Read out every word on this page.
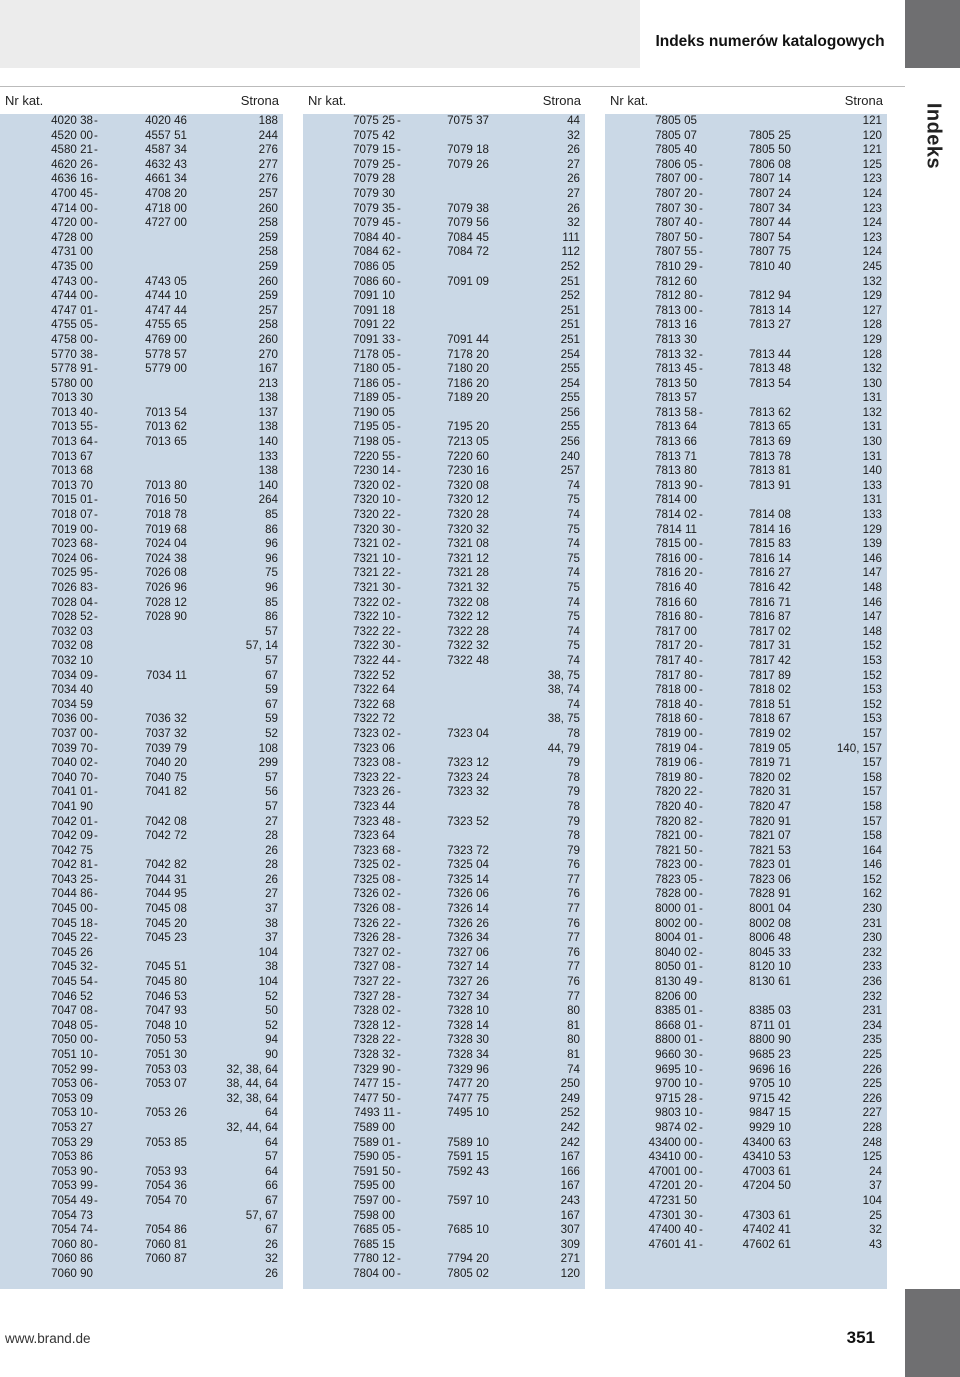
Indeks numerów katalogowych
Indeks
Nr kat.	Strona
4020 38 -	4020 46	188
4520 00 -	4557 51	244
4580 21 -	4587 34	276
4620 26 -	4632 43	277
4636 16 -	4661 34	276
4700 45 -	4708 20	257
4714 00 -	4718 00	260
4720 00 -	4727 00	258
4728 00	259
4731 00	258
4735 00	259
4743 00 -	4743 05	260
4744 00 -	4744 10	259
4747 01 -	4747 44	257
4755 05 -	4755 65	258
4758 00 -	4769 00	260
5770 38 -	5778 57	270
5778 91 -	5779 00	167
5780 00	213
7013 30	138
7013 40 -	7013 54	137
7013 55 -	7013 62	138
7013 64 -	7013 65	140
7013 67	133
7013 68	138
7013 70	7013 80	140
7015 01 -	7016 50	264
7018 07 -	7018 78	85
7019 00 -	7019 68	86
7023 68 -	7024 04	96
7024 06 -	7024 38	96
7025 95 -	7026 08	75
7026 83 -	7026 96	96
7028 04 -	7028 12	85
7028 52 -	7028 90	86
7032 03	57
7032 08	57, 14
7032 10	57
7034 09 -	7034 11	67
7034 40	59
7034 59	67
7036 00 -	7036 32	59
7037 00 -	7037 32	52
7039 70 -	7039 79	108
7040 02 -	7040 20	299
7040 70 -	7040 75	57
7041 01 -	7041 82	56
7041 90	57
7042 01 -	7042 08	27
7042 09 -	7042 72	28
7042 75	26
7042 81 -	7042 82	28
7043 25 -	7044 31	26
7044 86 -	7044 95	27
7045 00 -	7045 08	37
7045 18 -	7045 20	38
7045 22 -	7045 23	37
7045 26	104
7045 32 -	7045 51	38
7045 54 -	7045 80	104
7046 52	7046 53	52
7047 08 -	7047 93	50
7048 05 -	7048 10	52
7050 00 -	7050 53	94
7051 10 -	7051 30	90
7052 99 -	7053 03	32, 38, 64
7053 06 -	7053 07	38, 44, 64
7053 09	32, 38, 64
7053 10 -	7053 26	64
7053 27	32, 44, 64
7053 29	7053 85	64
7053 86	57
7053 90 -	7053 93	64
7053 99 -	7054 36	66
7054 49 -	7054 70	67
7054 73	57, 67
7054 74 -	7054 86	67
7060 80 -	7060 81	26
7060 86	7060 87	32
7060 90	26
Nr kat.	Strona
7075 25 -	7075 37	44
7075 42	32
7079 15 -	7079 18	26
7079 25 -	7079 26	27
7079 28	26
7079 30	27
7079 35 -	7079 38	26
7079 45 -	7079 56	32
7084 40 -	7084 45	111
7084 62 -	7084 72	112
7086 05	252
7086 60 -	7091 09	251
7091 10	252
7091 18	251
7091 22	251
7091 33 -	7091 44	251
7178 05 -	7178 20	254
7180 05 -	7180 20	255
7186 05 -	7186 20	254
7189 05 -	7189 20	255
7190 05	256
7195 05 -	7195 20	255
7198 05 -	7213 05	256
7220 55 -	7220 60	240
7230 14 -	7230 16	257
7320 02 -	7320 08	74
7320 10 -	7320 12	75
7320 22 -	7320 28	74
7320 30 -	7320 32	75
7321 02 -	7321 08	74
7321 10 -	7321 12	75
7321 22 -	7321 28	74
7321 30 -	7321 32	75
7322 02 -	7322 08	74
7322 10 -	7322 12	75
7322 22 -	7322 28	74
7322 30 -	7322 32	75
7322 44 -	7322 48	74
7322 52	38, 75
7322 64	38, 74
7322 68	74
7322 72	38, 75
7323 02 -	7323 04	78
7323 06	44, 79
7323 08 -	7323 12	79
7323 22 -	7323 24	78
7323 26 -	7323 32	79
7323 44	78
7323 48 -	7323 52	79
7323 64	78
7323 68 -	7323 72	79
7325 02 -	7325 04	76
7325 08 -	7325 14	77
7326 02 -	7326 06	76
7326 08 -	7326 14	77
7326 22 -	7326 26	76
7326 28 -	7326 34	77
7327 02 -	7327 06	76
7327 08 -	7327 14	77
7327 22 -	7327 26	76
7327 28 -	7327 34	77
7328 02 -	7328 10	80
7328 12 -	7328 14	81
7328 22 -	7328 30	80
7328 32 -	7328 34	81
7329 90 -	7329 96	74
7477 15 -	7477 20	250
7477 50 -	7477 75	249
7493 11 -	7495 10	252
7589 00	242
7589 01 -	7589 10	242
7590 05 -	7591 15	167
7591 50 -	7592 43	166
7595 00	167
7597 00 -	7597 10	243
7598 00	167
7685 05 -	7685 10	307
7685 15	309
7780 12 -	7794 20	271
7804 00 -	7805 02	120
Nr kat.	Strona
7805 05	121
7805 07	7805 25	120
7805 40	7805 50	121
7806 05 -	7806 08	125
7807 00 -	7807 14	123
7807 20 -	7807 24	124
7807 30 -	7807 34	123
7807 40 -	7807 44	124
7807 50 -	7807 54	123
7807 55 -	7807 75	124
7810 29 -	7810 40	245
7812 60	132
7812 80 -	7812 94	129
7813 00 -	7813 14	127
7813 16	7813 27	128
7813 30	129
7813 32 -	7813 44	128
7813 45 -	7813 48	132
7813 50	7813 54	130
7813 57	131
7813 58 -	7813 62	132
7813 64	7813 65	131
7813 66	7813 69	130
7813 71	7813 78	131
7813 80	7813 81	140
7813 90 -	7813 91	133
7814 00	131
7814 02 -	7814 08	133
7814 11	7814 16	129
7815 00 -	7815 83	139
7816 00 -	7816 14	146
7816 20 -	7816 27	147
7816 40	7816 42	148
7816 60	7816 71	146
7816 80 -	7816 87	147
7817 00	7817 02	148
7817 20 -	7817 31	152
7817 40 -	7817 42	153
7817 80 -	7817 89	152
7818 00 -	7818 02	153
7818 40 -	7818 51	152
7818 60 -	7818 67	153
7819 00 -	7819 02	157
7819 04 -	7819 05	140, 157
7819 06 -	7819 71	157
7819 80 -	7820 02	158
7820 22 -	7820 31	157
7820 40 -	7820 47	158
7820 82 -	7820 91	157
7821 00 -	7821 07	158
7821 50 -	7821 53	164
7823 00 -	7823 01	146
7823 05 -	7823 06	152
7828 00 -	7828 91	162
8000 01 -	8001 04	230
8002 00 -	8002 08	231
8004 01 -	8006 48	230
8040 02 -	8045 33	232
8050 01 -	8120 10	233
8130 49 -	8130 61	236
8206 00	232
8385 01 -	8385 03	231
8668 01 -	8711 01	234
8800 01 -	8800 90	235
9660 30 -	9685 23	225
9695 10 -	9696 16	226
9700 10 -	9705 10	225
9715 28 -	9715 42	226
9803 10 -	9847 15	227
9874 02 -	9929 10	228
43400 00 -	43400 63	248
43410 00 -	43410 53	125
47001 00 -	47003 61	24
47201 20 -	47204 50	37
47231 50	104
47301 30 -	47303 61	25
47400 40 -	47402 41	32
47601 41 -	47602 61	43
www.brand.de	351
